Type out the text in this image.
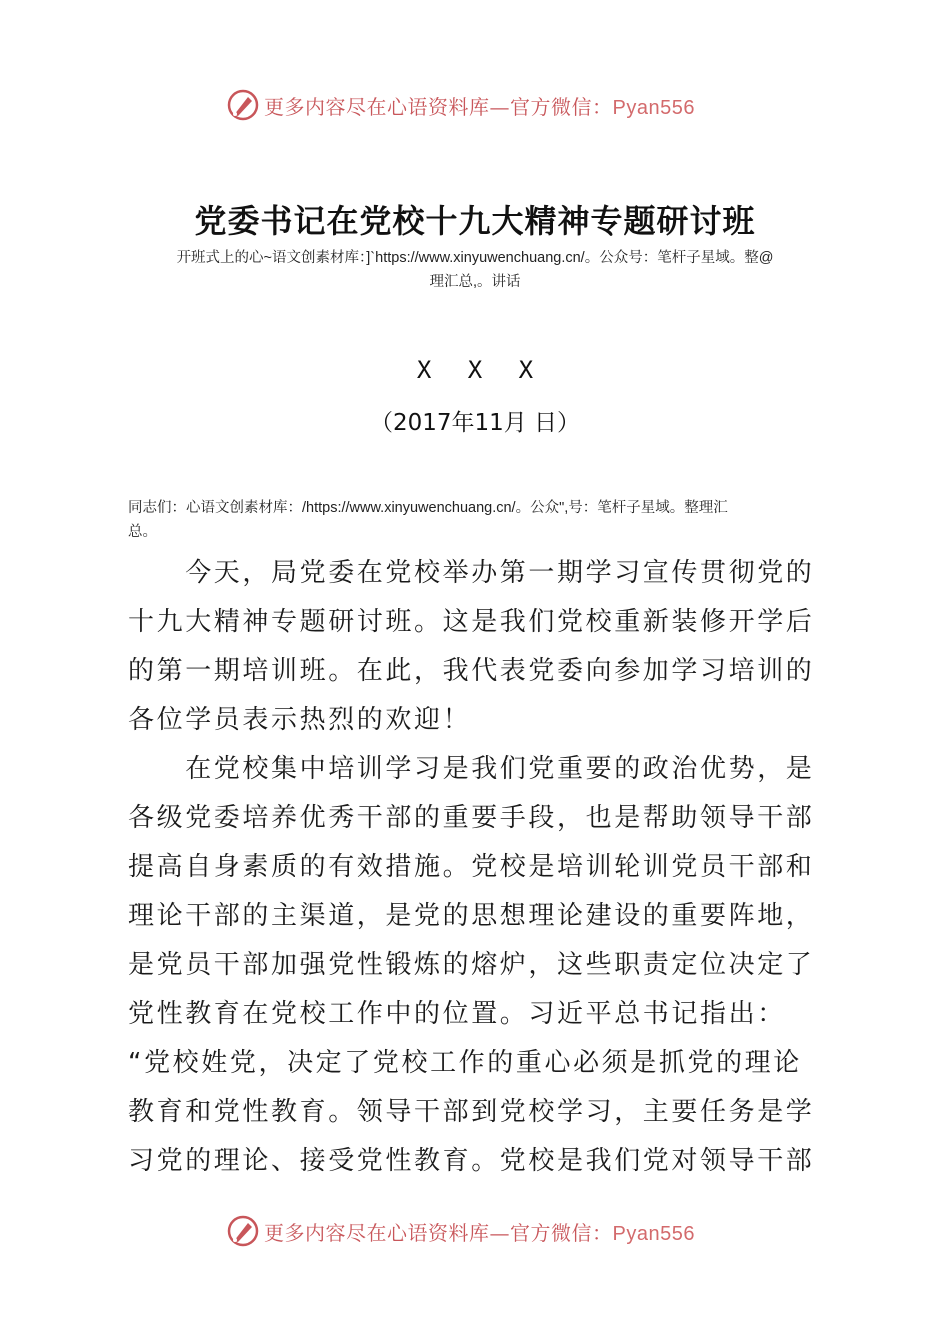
更多内容尽在心语资料库—官方微信：Pyan556
党委书记在党校十九大精神专题研讨班
开班式上的心~语文创素材库：]`https://www.xinyuwenchuang.cn/。公众号：笔杆子星域。整@
理汇总,。讲话
X X X
（2017年11月 日）
同志们：心语文创素材库：/https://www.xinyuwenchuang.cn/。公众",号：笔杆子星域。整理汇
总。
　　今天，局党委在党校举办第一期学习宣传贯彻党的
十九大精神专题研讨班。这是我们党校重新装修开学后
的第一期培训班。在此，我代表党委向参加学习培训的
各位学员表示热烈的欢迎！
　　在党校集中培训学习是我们党重要的政治优势，是
各级党委培养优秀干部的重要手段，也是帮助领导干部
提高自身素质的有效措施。党校是培训轮训党员干部和
理论干部的主渠道，是党的思想理论建设的重要阵地，
是党员干部加强党性锻炼的熔炉，这些职责定位决定了
党性教育在党校工作中的位置。习近平总书记指出：
“党校姓党，决定了党校工作的重心必须是抓党的理论
教育和党性教育。领导干部到党校学习，主要任务是学
习党的理论、接受党性教育。党校是我们党对领导干部
更多内容尽在心语资料库—官方微信：Pyan556
